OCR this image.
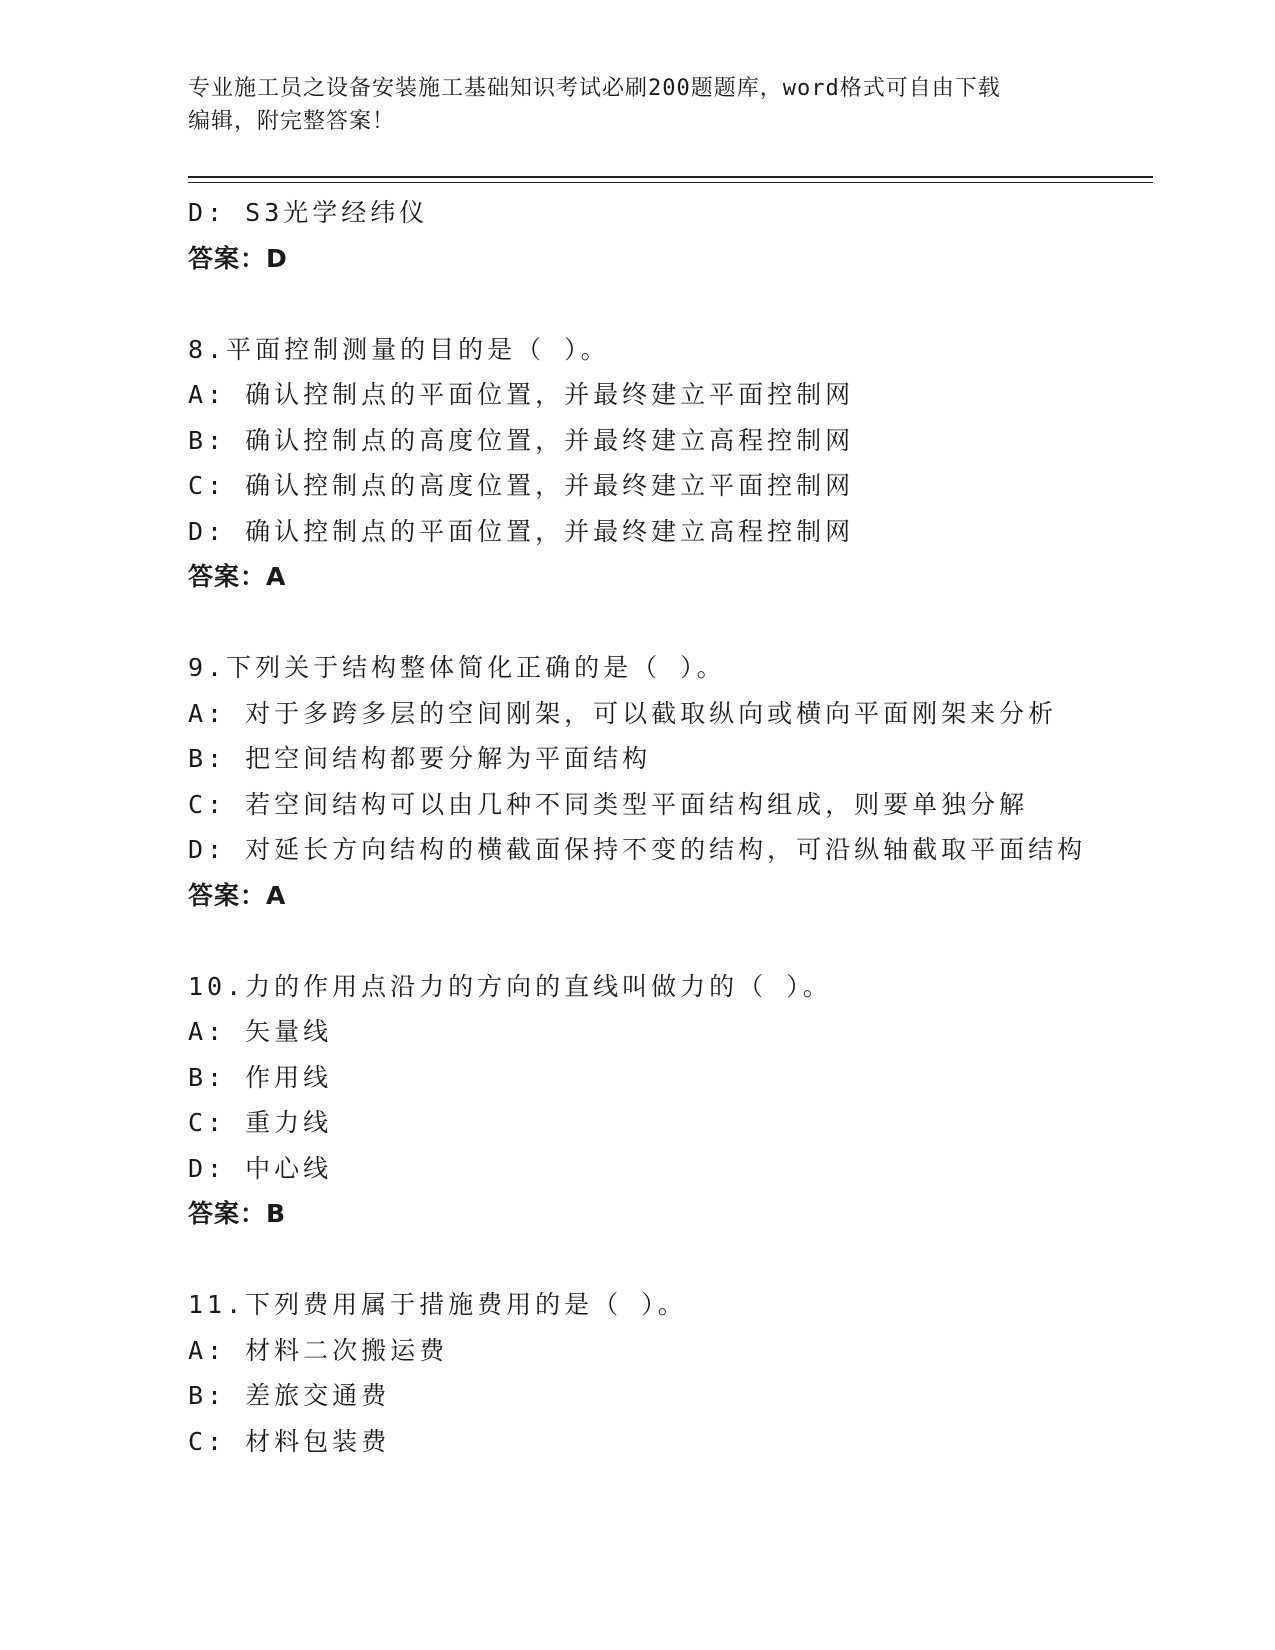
专业施工员之设备安装施工基础知识考试必刷200题题库，word格式可自由下载
编辑，附完整答案！
D: S3光学经纬仪
答案：D
8.平面控制测量的目的是（ ）。
A: 确认控制点的平面位置，并最终建立平面控制网
B: 确认控制点的高度位置，并最终建立高程控制网
C: 确认控制点的高度位置，并最终建立平面控制网
D: 确认控制点的平面位置，并最终建立高程控制网
答案：A
9.下列关于结构整体简化正确的是（ ）。
A: 对于多跨多层的空间刚架，可以截取纵向或横向平面刚架来分析
B: 把空间结构都要分解为平面结构
C: 若空间结构可以由几种不同类型平面结构组成，则要单独分解
D: 对延长方向结构的横截面保持不变的结构，可沿纵轴截取平面结构
答案：A
10.力的作用点沿力的方向的直线叫做力的（ ）。
A: 矢量线
B: 作用线
C: 重力线
D: 中心线
答案：B
11.下列费用属于措施费用的是（ ）。
A: 材料二次搬运费
B: 差旅交通费
C: 材料包装费
